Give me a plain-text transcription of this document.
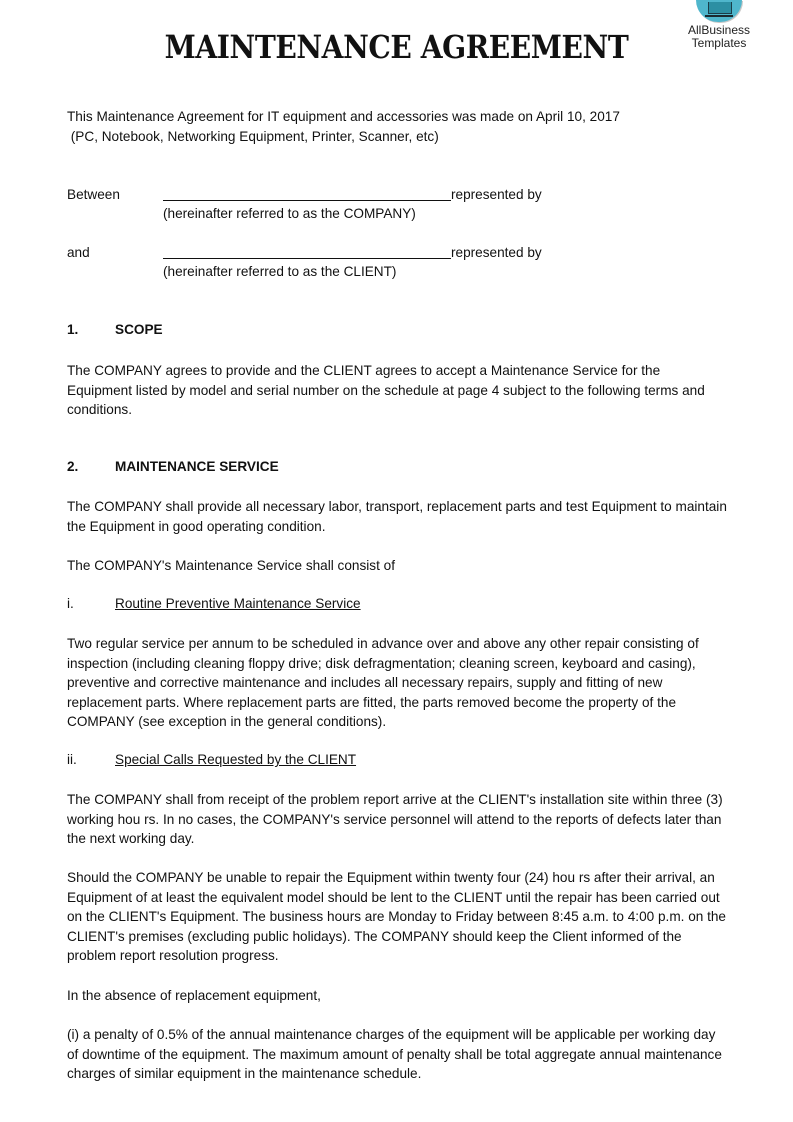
AllBusiness
Templates
MAINTENANCE AGREEMENT
This Maintenance Agreement for IT equipment and accessories was made on April 10, 2017
(PC, Notebook, Networking Equipment, Printer, Scanner, etc)
Between	represented by
(hereinafter referred to as the COMPANY)
and	represented by
(hereinafter referred to as the CLIENT)
1.	SCOPE
The COMPANY agrees to provide and the CLIENT agrees to accept a Maintenance Service for the Equipment listed by model and serial number on the schedule at page 4 subject to the following terms and conditions.
2.	MAINTENANCE SERVICE
The COMPANY shall provide all necessary labor, transport, replacement parts and test Equipment to maintain the Equipment in good operating condition.
The COMPANY's Maintenance Service shall consist of
i.	Routine Preventive Maintenance Service
Two regular service per annum to be scheduled in advance over and above any other repair consisting of inspection (including cleaning floppy drive; disk defragmentation; cleaning screen, keyboard and casing), preventive and corrective maintenance and includes all necessary repairs, supply and fitting of new replacement parts. Where replacement parts are fitted, the parts removed become the property of the COMPANY (see exception in the general conditions).
ii.	Special Calls Requested by the CLIENT
The COMPANY shall from receipt of the problem report arrive at the CLIENT's installation site within three (3) working hou rs. In no cases, the COMPANY's service personnel will attend to the reports of defects later than the next working day.
Should the COMPANY be unable to repair the Equipment within twenty four (24) hou rs after their arrival, an Equipment of at least the equivalent model should be lent to the CLIENT until the repair has been carried out on the CLIENT's Equipment. The business hours are Monday to Friday between 8:45 a.m. to 4:00 p.m. on the CLIENT's premises (excluding public holidays). The COMPANY should keep the Client informed of the problem report resolution progress.
In the absence of replacement equipment,
(i) a penalty of 0.5% of the annual maintenance charges of the equipment will be applicable per working day of downtime of the equipment. The maximum amount of penalty shall be total aggregate annual maintenance charges of similar equipment in the maintenance schedule.
